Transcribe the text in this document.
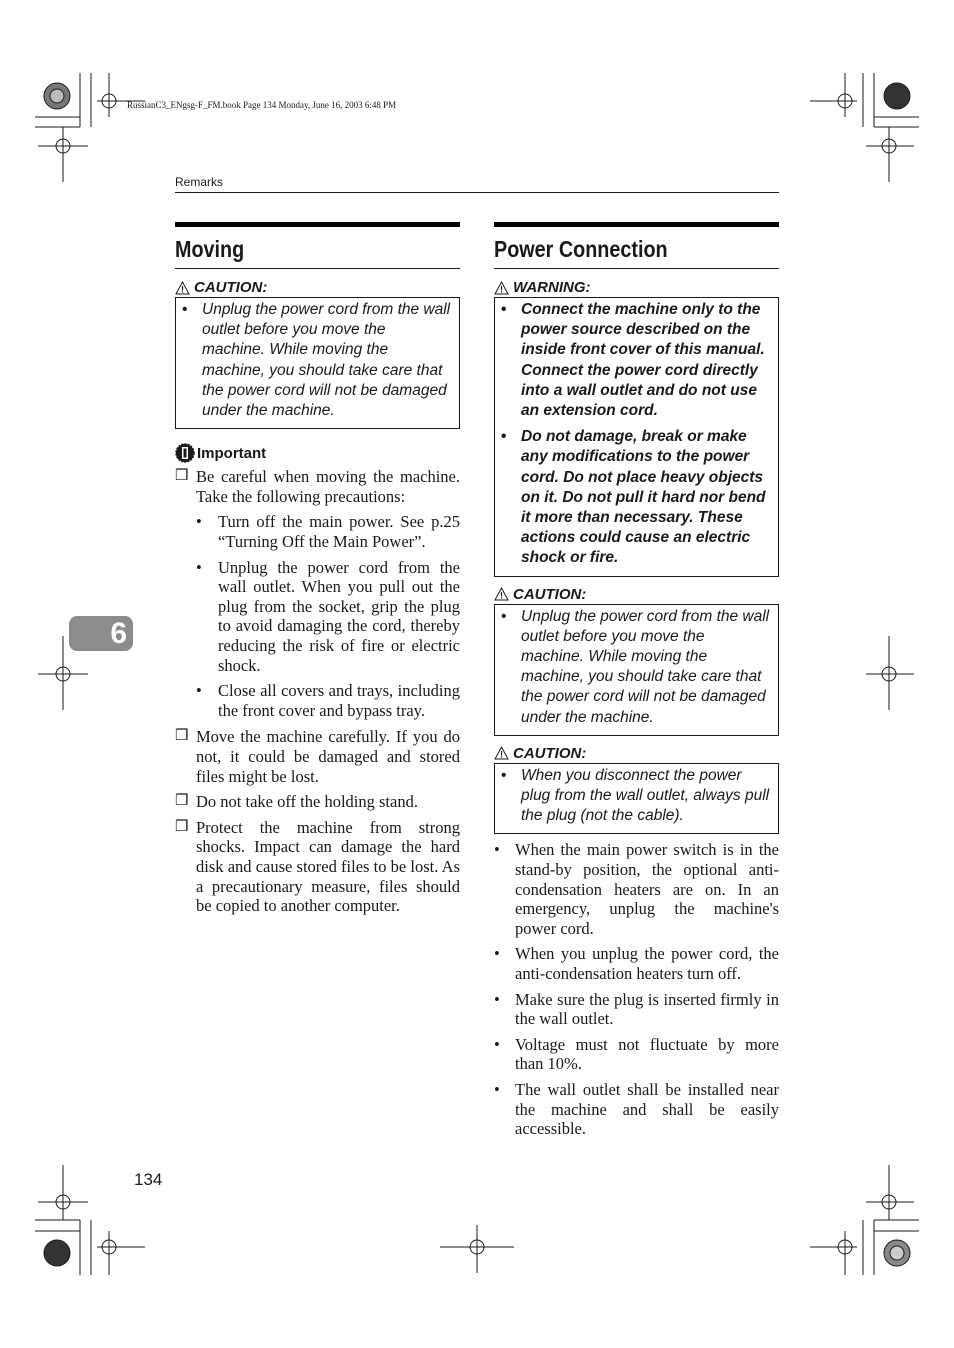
RussianC3_ENgsg-F_FM.book Page 134 Monday, June 16, 2003 6:48 PM
Remarks
6
Moving
CAUTION:
• Unplug the power cord from the wall outlet before you move the machine. While moving the machine, you should take care that the power cord will not be damaged under the machine.
Important
❒ Be careful when moving the machine. Take the following precautions:
• Turn off the main power. See p.25 “Turning Off the Main Power”.
• Unplug the power cord from the wall outlet. When you pull out the plug from the socket, grip the plug to avoid damaging the cord, thereby reducing the risk of fire or electric shock.
• Close all covers and trays, including the front cover and bypass tray.
❒ Move the machine carefully. If you do not, it could be damaged and stored files might be lost.
❒ Do not take off the holding stand.
❒ Protect the machine from strong shocks. Impact can damage the hard disk and cause stored files to be lost. As a precautionary measure, files should be copied to another computer.
Power Connection
WARNING:
• Connect the machine only to the power source described on the inside front cover of this manual. Connect the power cord directly into a wall outlet and do not use an extension cord.
• Do not damage, break or make any modifications to the power cord. Do not place heavy objects on it. Do not pull it hard nor bend it more than necessary. These actions could cause an electric shock or fire.
CAUTION:
• Unplug the power cord from the wall outlet before you move the machine. While moving the machine, you should take care that the power cord will not be damaged under the machine.
CAUTION:
• When you disconnect the power plug from the wall outlet, always pull the plug (not the cable).
• When the main power switch is in the stand-by position, the optional anti-condensation heaters are on. In an emergency, unplug the machine's power cord.
• When you unplug the power cord, the anti-condensation heaters turn off.
• Make sure the plug is inserted firmly in the wall outlet.
• Voltage must not fluctuate by more than 10%.
• The wall outlet shall be installed near the machine and shall be easily accessible.
134
